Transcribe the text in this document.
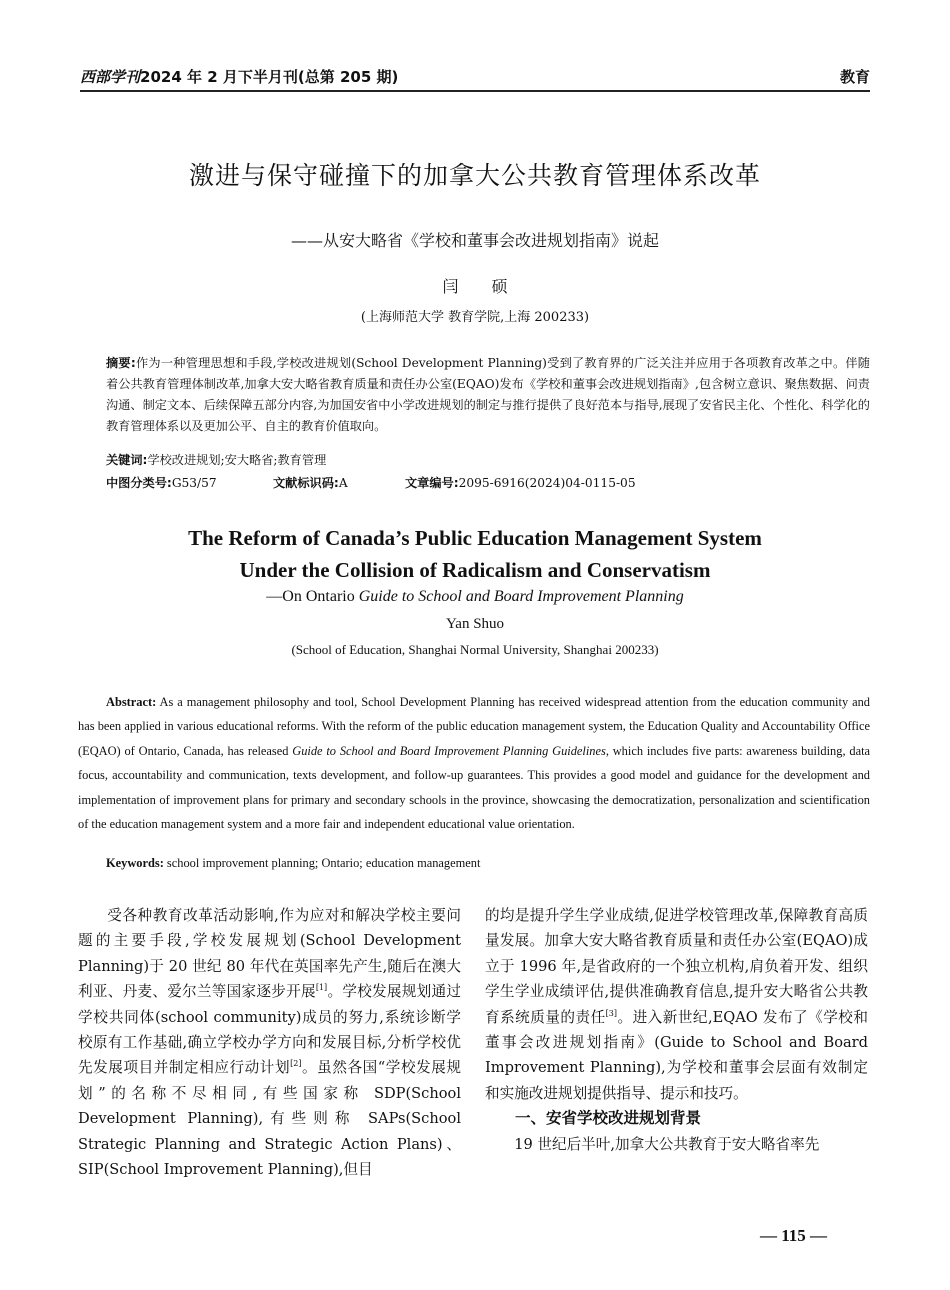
西部学刊2024 年 2 月下半月刊(总第 205 期)	教育
激进与保守碰撞下的加拿大公共教育管理体系改革
——从安大略省《学校和董事会改进规划指南》说起
闫 硕
(上海师范大学 教育学院,上海 200233)

摘要:作为一种管理思想和手段,学校改进规划(School Development Planning)受到了教育界的广泛关注并应用于各项教育改革之中。伴随着公共教育管理体制改革,加拿大安大略省教育质量和责任办公室(EQAO)发布《学校和董事会改进规划指南》,包含树立意识、聚焦数据、问责沟通、制定文本、后续保障五部分内容,为加国安省中小学改进规划的制定与推行提供了良好范本与指导,展现了安省民主化、个性化、科学化的教育管理体系以及更加公平、自主的教育价值取向。

关键词:学校改进规划;安大略省;教育管理
中图分类号:G53/57	文献标识码:A	文章编号:2095-6916(2024)04-0115-05
The Reform of Canada’s Public Education Management System
Under the Collision of Radicalism and Conservatism
—On Ontario Guide to School and Board Improvement Planning
Yan Shuo
(School of Education, Shanghai Normal University, Shanghai 200233)

Abstract: As a management philosophy and tool, School Development Planning has received widespread attention from the education community and has been applied in various educational reforms. With the reform of the public education management system, the Education Quality and Accountability Office (EQAO) of Ontario, Canada, has released Guide to School and Board Improvement Planning Guidelines, which includes five parts: awareness building, data focus, accountability and communication, texts development, and follow-up guarantees. This provides a good model and guidance for the development and implementation of improvement plans for primary and secondary schools in the province, showcasing the democratization, personalization and scientification of the education management system and a more fair and independent educational value orientation.

Keywords: school improvement planning; Ontario; education management

受各种教育改革活动影响,作为应对和解决学校主要问题的主要手段,学校发展规划(School Development Planning)于 20 世纪 80 年代在英国率先产生,随后在澳大利亚、丹麦、爱尔兰等国家逐步开展[1]。学校发展规划通过学校共同体(school community)成员的努力,系统诊断学校原有工作基础,确立学校办学方向和发展目标,分析学校优先发展项目并制定相应行动计划[2]。虽然各国“学校发展规划”的名称不尽相同,有些国家称 SDP(School Development Planning),有些则称 SAPs(School Strategic Planning and Strategic Action Plans)、SIP(School Improvement Planning),但目

的均是提升学生学业成绩,促进学校管理改革,保障教育高质量发展。加拿大安大略省教育质量和责任办公室(EQAO)成立于 1996 年,是省政府的一个独立机构,肩负着开发、组织学生学业成绩评估,提供准确教育信息,提升安大略省公共教育系统质量的责任[3]。进入新世纪,EQAO 发布了《学校和董事会改进规划指南》(Guide to School and Board Improvement Planning),为学校和董事会层面有效制定和实施改进规划提供指导、提示和技巧。

一、安省学校改进规划背景

19 世纪后半叶,加拿大公共教育于安大略省率先

— 115 —
